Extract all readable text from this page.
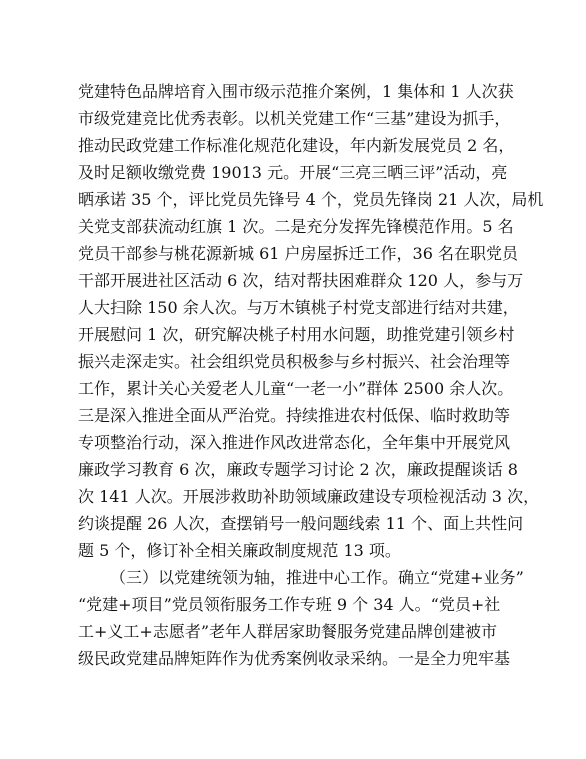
党建特色品牌培育入围市级示范推介案例，1 集体和 1 人次获
市级党建竞比优秀表彰。以机关党建工作“三基”建设为抓手，
推动民政党建工作标准化规范化建设，年内新发展党员 2 名，
及时足额收缴党费 19013 元。开展“三亮三晒三评”活动，亮
晒承诺 35 个，评比党员先锋号 4 个，党员先锋岗 21 人次，局机
关党支部获流动红旗 1 次。二是充分发挥先锋模范作用。5 名
党员干部参与桃花源新城 61 户房屋拆迁工作，36 名在职党员
干部开展进社区活动 6 次，结对帮扶困难群众 120 人，参与万
人大扫除 150 余人次。与万木镇桃子村党支部进行结对共建，
开展慰问 1 次，研究解决桃子村用水问题，助推党建引领乡村
振兴走深走实。社会组织党员积极参与乡村振兴、社会治理等
工作，累计关心关爱老人儿童“一老一小”群体 2500 余人次。
三是深入推进全面从严治党。持续推进农村低保、临时救助等
专项整治行动，深入推进作风改进常态化，全年集中开展党风
廉政学习教育 6 次，廉政专题学习讨论 2 次，廉政提醒谈话 8
次 141 人次。开展涉救助补助领域廉政建设专项检视活动 3 次，
约谈提醒 26 人次，查摆销号一般问题线索 11 个、面上共性问
题 5 个，修订补全相关廉政制度规范 13 项。
（三）以党建统领为轴，推进中心工作。确立“党建+业务”
“党建+项目”党员领衔服务工作专班 9 个 34 人。“党员+社
工+义工+志愿者”老年人群居家助餐服务党建品牌创建被市
级民政党建品牌矩阵作为优秀案例收录采纳。一是全力兜牢基
